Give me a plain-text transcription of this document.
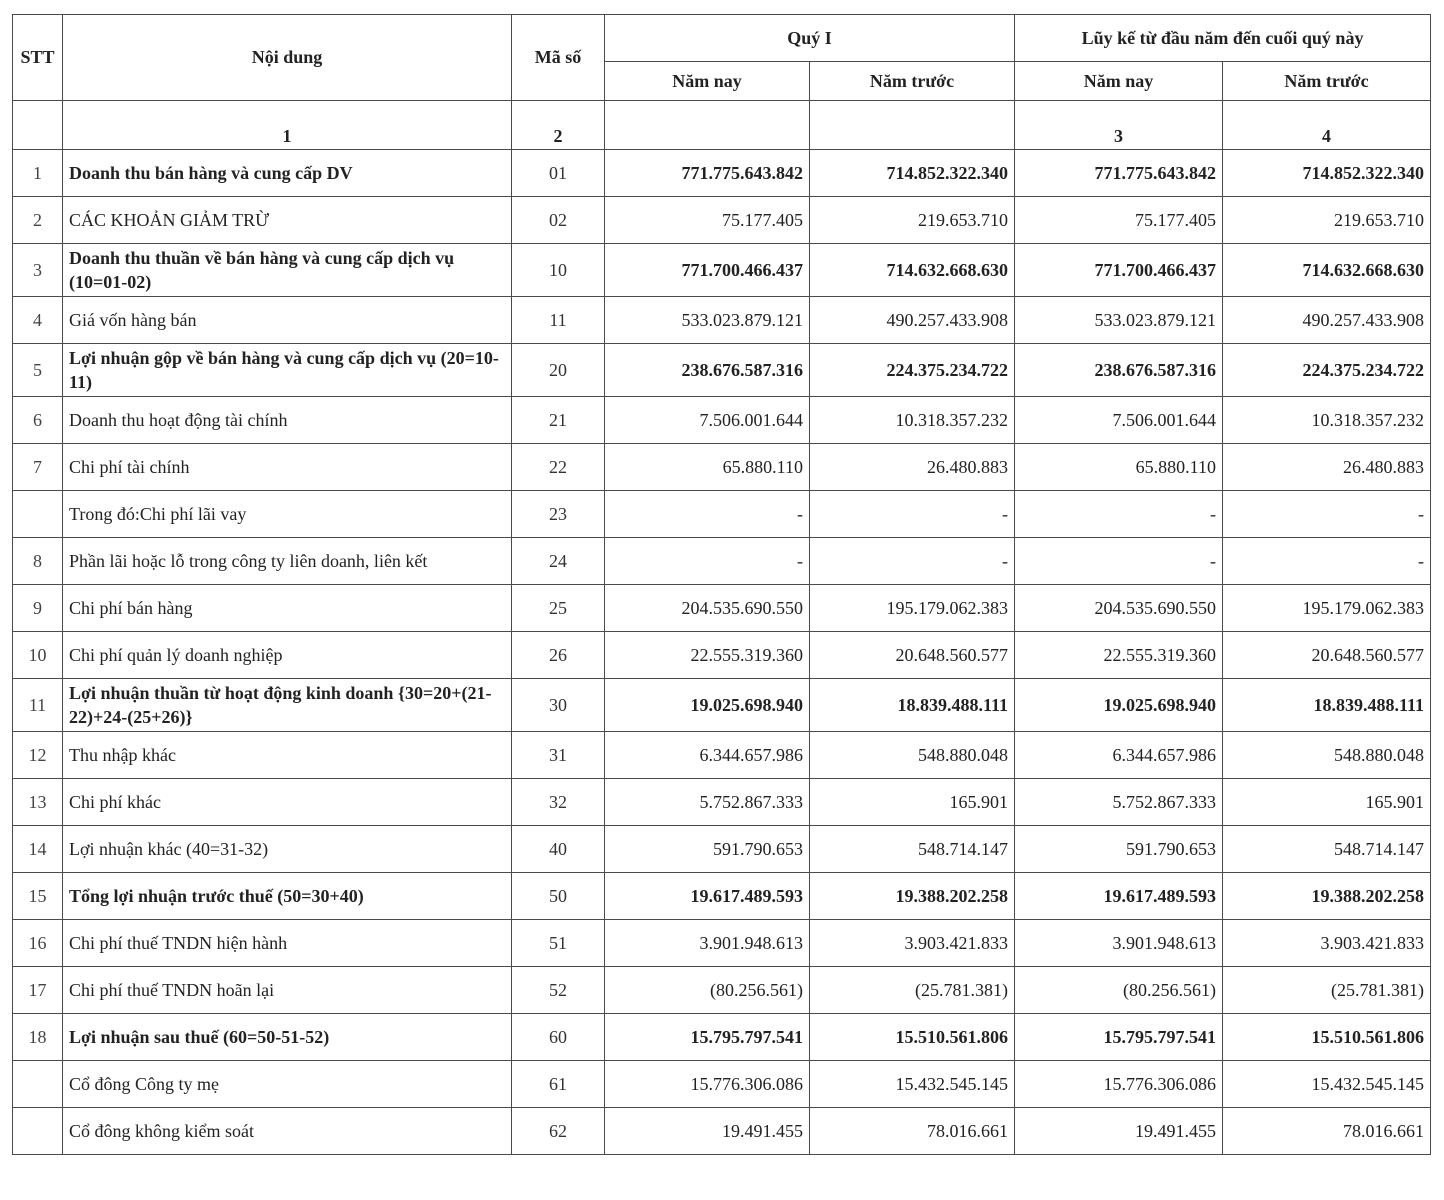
STT	Nội dung	Mã số	Quý I		Lũy kế từ đầu năm đến cuối quý này	
			Năm nay	Năm trước	Năm nay	Năm trước
	1	2			3	4
1	Doanh thu bán hàng và cung cấp DV	01	771.775.643.842	714.852.322.340	771.775.643.842	714.852.322.340
2	CÁC KHOẢN GIẢM TRỪ	02	75.177.405	219.653.710	75.177.405	219.653.710
3	Doanh thu thuần về bán hàng và cung cấp dịch vụ (10=01-02)	10	771.700.466.437	714.632.668.630	771.700.466.437	714.632.668.630
4	Giá vốn hàng bán	11	533.023.879.121	490.257.433.908	533.023.879.121	490.257.433.908
5	Lợi nhuận gộp về bán hàng và cung cấp dịch vụ (20=10-11)	20	238.676.587.316	224.375.234.722	238.676.587.316	224.375.234.722
6	Doanh thu hoạt động tài chính	21	7.506.001.644	10.318.357.232	7.506.001.644	10.318.357.232
7	Chi phí tài chính	22	65.880.110	26.480.883	65.880.110	26.480.883
	Trong đó:Chi phí lãi vay	23	-	-	-	-
8	Phần lãi hoặc lỗ trong công ty liên doanh, liên kết	24	-	-	-	-
9	Chi phí bán hàng	25	204.535.690.550	195.179.062.383	204.535.690.550	195.179.062.383
10	Chi phí quản lý doanh nghiệp	26	22.555.319.360	20.648.560.577	22.555.319.360	20.648.560.577
11	Lợi nhuận thuần từ hoạt động kinh doanh {30=20+(21-22)+24-(25+26)}	30	19.025.698.940	18.839.488.111	19.025.698.940	18.839.488.111
12	Thu nhập khác	31	6.344.657.986	548.880.048	6.344.657.986	548.880.048
13	Chi phí khác	32	5.752.867.333	165.901	5.752.867.333	165.901
14	Lợi nhuận khác (40=31-32)	40	591.790.653	548.714.147	591.790.653	548.714.147
15	Tổng lợi nhuận trước thuế (50=30+40)	50	19.617.489.593	19.388.202.258	19.617.489.593	19.388.202.258
16	Chi phí thuế TNDN hiện hành	51	3.901.948.613	3.903.421.833	3.901.948.613	3.903.421.833
17	Chi phí thuế TNDN hoãn lại	52	(80.256.561)	(25.781.381)	(80.256.561)	(25.781.381)
18	Lợi nhuận sau thuế (60=50-51-52)	60	15.795.797.541	15.510.561.806	15.795.797.541	15.510.561.806
	Cổ đông Công ty mẹ	61	15.776.306.086	15.432.545.145	15.776.306.086	15.432.545.145
	Cổ đông không kiểm soát	62	19.491.455	78.016.661	19.491.455	78.016.661
